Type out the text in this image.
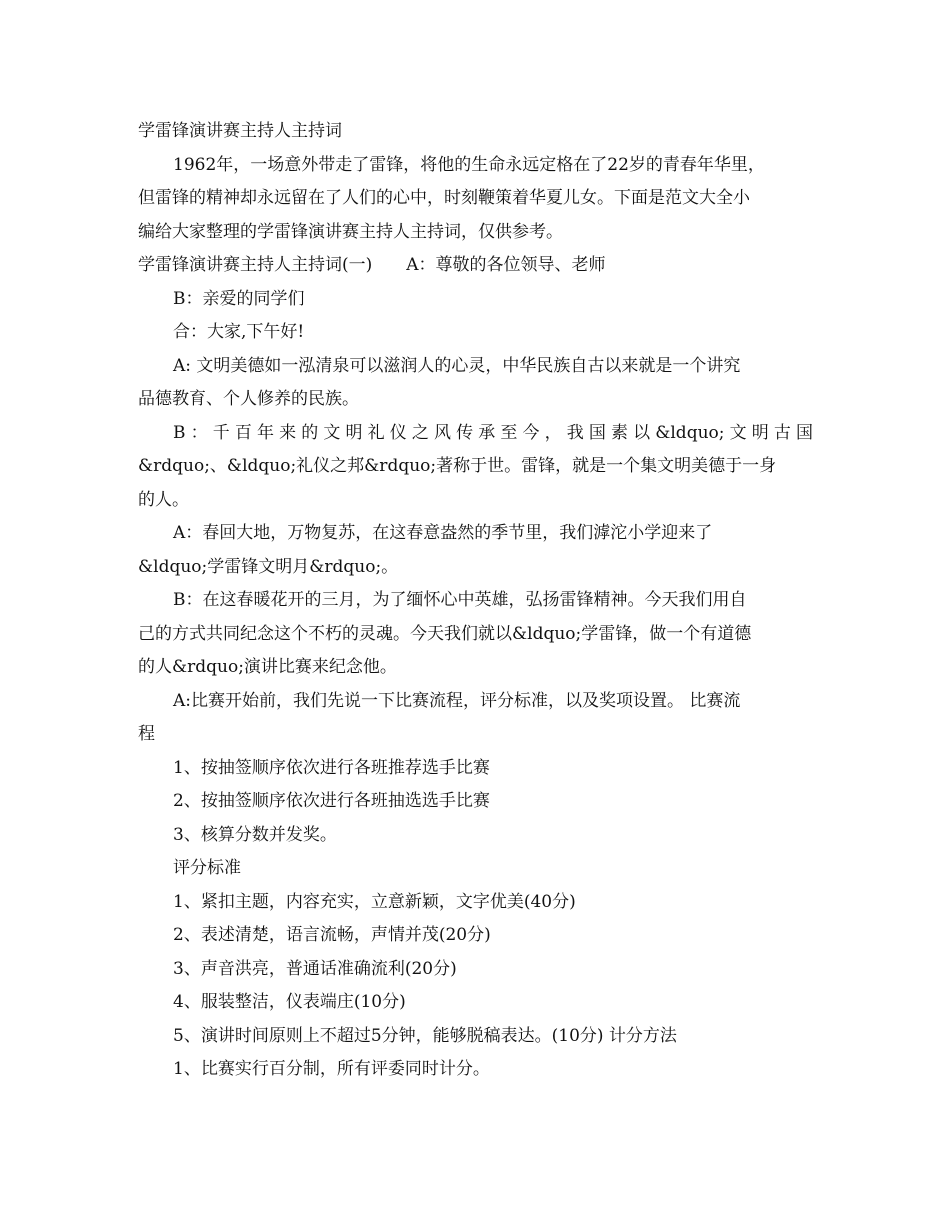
学雷锋演讲赛主持人主持词
1962年，一场意外带走了雷锋，将他的生命永远定格在了22岁的青春年华里，
但雷锋的精神却永远留在了人们的心中，时刻鞭策着华夏儿女。下面是范文大全小
编给大家整理的学雷锋演讲赛主持人主持词，仅供参考。
学雷锋演讲赛主持人主持词(一)　　A：尊敬的各位领导、老师
B：亲爱的同学们
合：大家,下午好!
A: 文明美德如一泓清泉可以滋润人的心灵，中华民族自古以来就是一个讲究
品德教育、个人修养的民族。
B：千百年来的文明礼仪之风传承至今，我国素以&ldquo;文明古国
&rdquo;、&ldquo;礼仪之邦&rdquo;著称于世。雷锋，就是一个集文明美德于一身
的人。
A：春回大地，万物复苏，在这春意盎然的季节里，我们滹沱小学迎来了
&ldquo;学雷锋文明月&rdquo;。
B：在这春暖花开的三月，为了缅怀心中英雄，弘扬雷锋精神。今天我们用自
己的方式共同纪念这个不朽的灵魂。今天我们就以&ldquo;学雷锋，做一个有道德
的人&rdquo;演讲比赛来纪念他。
A:比赛开始前，我们先说一下比赛流程，评分标准，以及奖项设置。 比赛流
程
1、按抽签顺序依次进行各班推荐选手比赛
2、按抽签顺序依次进行各班抽选选手比赛
3、核算分数并发奖。
评分标准
1、紧扣主题，内容充实，立意新颖，文字优美(40分)
2、表述清楚，语言流畅，声情并茂(20分)
3、声音洪亮，普通话准确流利(20分)
4、服装整洁，仪表端庄(10分)
5、演讲时间原则上不超过5分钟，能够脱稿表达。(10分) 计分方法
1、比赛实行百分制，所有评委同时计分。
